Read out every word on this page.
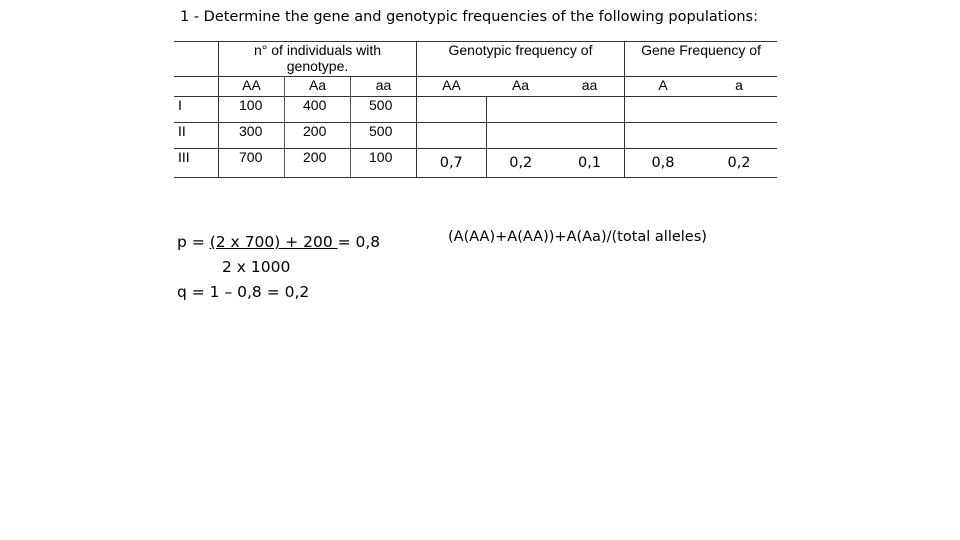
1 - Determine the gene and genotypic frequencies of the following populations:

	n° of individuals with genotype.			Genotypic frequency of			Gene Frequency of	
	AA	Aa	aa	AA	Aa	aa	A	a
I	100	400	500					
II	300	200	500					
III	700	200	100	0,7	0,2	0,1	0,8	0,2
p = (2 x 700) + 200 = 0,8
2 x 1000
q = 1 – 0,8 = 0,2
(A(AA)+A(AA))+A(Aa)/(total alleles)
